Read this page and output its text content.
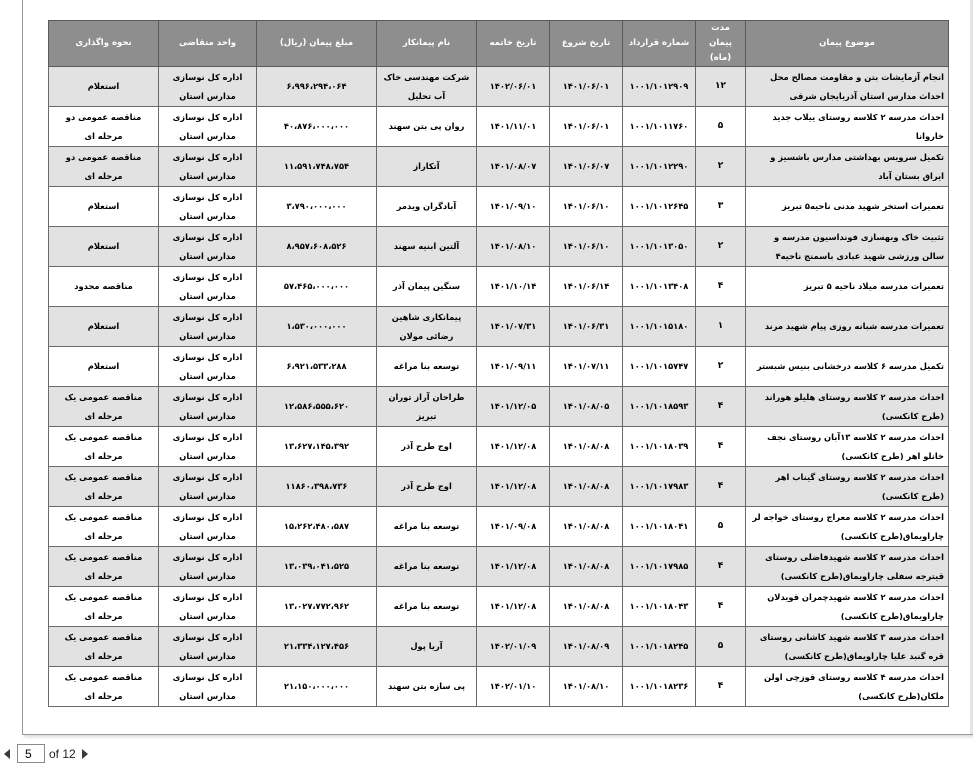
موضوع پیمان	مدت پیمان (ماه)	شماره قرارداد	تاریخ شروع	تاریخ خاتمه	نام پیمانکار	مبلغ پیمان (ریال)	واحد متقاضی	نحوه واگذاری
انجام آزمایشات بتن و مقاومت مصالح محل احداث مدارس استان آذربایجان شرقی	۱۲	۱۰۰۱/۱۰۱۲۹۰۹	۱۴۰۱/۰۶/۰۱	۱۴۰۲/۰۶/۰۱	شرکت مهندسی خاک آب تحلیل	۶،۹۹۶،۲۹۴،۰۶۴	اداره کل نوسازی مدارس استان	استعلام
احداث مدرسه ۲ کلاسه روستای ییلاب جدید خاروانا	۵	۱۰۰۱/۱۰۱۱۷۶۰	۱۴۰۱/۰۶/۰۱	۱۴۰۱/۱۱/۰۱	روان پی بتن سهند	۴۰،۸۷۶،۰۰۰،۰۰۰	اداره کل نوسازی مدارس استان	مناقصه عمومی دو مرحله ای
تکمیل سرویس بهداشتی مدارس باشسیز و ایراق بستان آباد	۲	۱۰۰۱/۱۰۱۲۲۹۰	۱۴۰۱/۰۶/۰۷	۱۴۰۱/۰۸/۰۷	آتکاراز	۱۱،۵۹۱،۷۴۸،۷۵۴	اداره کل نوسازی مدارس استان	مناقصه عمومی دو مرحله ای
تعمیرات استخر شهید مدنی ناحیه۵ تبریز	۳	۱۰۰۱/۱۰۱۲۶۴۵	۱۴۰۱/۰۶/۱۰	۱۴۰۱/۰۹/۱۰	آبادگران ویدمر	۳،۷۹۰،۰۰۰،۰۰۰	اداره کل نوسازی مدارس استان	استعلام
تثبیت خاک وبهسازی فونداسیون مدرسه و سالن ورزشی شهید عبادی باسمنج ناحیه۴	۲	۱۰۰۱/۱۰۱۳۰۵۰	۱۴۰۱/۰۶/۱۰	۱۴۰۱/۰۸/۱۰	آلتین ابنیه سهند	۸،۹۵۷،۶۰۸،۵۲۶	اداره کل نوسازی مدارس استان	استعلام
تعمیرات مدرسه میلاد ناحیه ۵ تبریز	۴	۱۰۰۱/۱۰۱۳۴۰۸	۱۴۰۱/۰۶/۱۴	۱۴۰۱/۱۰/۱۴	سنگین پیمان آذر	۵۷،۴۶۵،۰۰۰،۰۰۰	اداره کل نوسازی مدارس استان	مناقصه محدود
تعمیرات مدرسه شبانه روزی پیام شهید مرند	۱	۱۰۰۱/۱۰۱۵۱۸۰	۱۴۰۱/۰۶/۳۱	۱۴۰۱/۰۷/۳۱	پیمانکاری شاهین رضائی مولان	۱،۵۳۰،۰۰۰،۰۰۰	اداره کل نوسازی مدارس استان	استعلام
تکمیل مدرسه ۶ کلاسه درخشانی بنیس شبستر	۲	۱۰۰۱/۱۰۱۵۷۴۷	۱۴۰۱/۰۷/۱۱	۱۴۰۱/۰۹/۱۱	توسعه بنا مراغه	۶،۹۲۱،۵۳۳،۲۸۸	اداره کل نوسازی مدارس استان	استعلام
احداث مدرسه ۲ کلاسه روستای هلیلو هوراند (طرح کانکسی)	۴	۱۰۰۱/۱۰۱۸۵۹۳	۱۴۰۱/۰۸/۰۵	۱۴۰۱/۱۲/۰۵	طراحان آراز توران تبریز	۱۲،۵۸۶،۵۵۵،۶۲۰	اداره کل نوسازی مدارس استان	مناقصه عمومی یک مرحله ای
احداث مدرسه ۲ کلاسه ۱۳آبان روستای نجف خانلو اهر (طرح کانکسی)	۴	۱۰۰۱/۱۰۱۸۰۳۹	۱۴۰۱/۰۸/۰۸	۱۴۰۱/۱۲/۰۸	اوج طرح آذر	۱۳،۶۲۷،۱۴۵،۳۹۲	اداره کل نوسازی مدارس استان	مناقصه عمومی یک مرحله ای
احداث مدرسه ۲ کلاسه روستای گیناب اهر (طرح کانکسی)	۴	۱۰۰۱/۱۰۱۷۹۸۳	۱۴۰۱/۰۸/۰۸	۱۴۰۱/۱۲/۰۸	اوج طرح آذر	۱۱۸۶۰،۳۹۸،۷۳۶	اداره کل نوسازی مدارس استان	مناقصه عمومی یک مرحله ای
احداث مدرسه ۲ کلاسه معراج روستای خواجه لر چاراویماق(طرح کانکسی)	۵	۱۰۰۱/۱۰۱۸۰۴۱	۱۴۰۱/۰۸/۰۸	۱۴۰۱/۰۹/۰۸	توسعه بنا مراغه	۱۵،۲۶۲،۴۸۰،۵۸۷	اداره کل نوسازی مدارس استان	مناقصه عمومی یک مرحله ای
احداث مدرسه ۲ کلاسه شهیدفاضلی روستای قیترجه سفلی چاراویماق(طرح کانکسی)	۴	۱۰۰۱/۱۰۱۷۹۸۵	۱۴۰۱/۰۸/۰۸	۱۴۰۱/۱۲/۰۸	توسعه بنا مراغه	۱۳،۰۳۹،۰۴۱،۵۲۵	اداره کل نوسازی مدارس استان	مناقصه عمومی یک مرحله ای
احداث مدرسه ۲ کلاسه شهیدچمران قویدلان چاراویماق(طرح کانکسی)	۴	۱۰۰۱/۱۰۱۸۰۴۳	۱۴۰۱/۰۸/۰۸	۱۴۰۱/۱۲/۰۸	توسعه بنا مراغه	۱۳،۰۲۷،۷۷۲،۹۶۲	اداره کل نوسازی مدارس استان	مناقصه عمومی یک مرحله ای
احداث مدرسه ۳ کلاسه شهید کاشانی روستای قره گنبد علیا چاراویماق(طرح کانکسی)	۵	۱۰۰۱/۱۰۱۸۲۴۵	۱۴۰۱/۰۸/۰۹	۱۴۰۲/۰۱/۰۹	آریا پول	۲۱،۳۳۴،۱۲۷،۴۵۶	اداره کل نوسازی مدارس استان	مناقصه عمومی یک مرحله ای
احداث مدرسه ۴ کلاسه روستای قوزچی اولن ملکان(طرح کانکسی)	۴	۱۰۰۱/۱۰۱۸۲۳۶	۱۴۰۱/۰۸/۱۰	۱۴۰۲/۰۱/۱۰	پی سازه بتن سهند	۲۱،۱۵۰،۰۰۰،۰۰۰	اداره کل نوسازی مدارس استان	مناقصه عمومی یک مرحله ای
5
of 12
